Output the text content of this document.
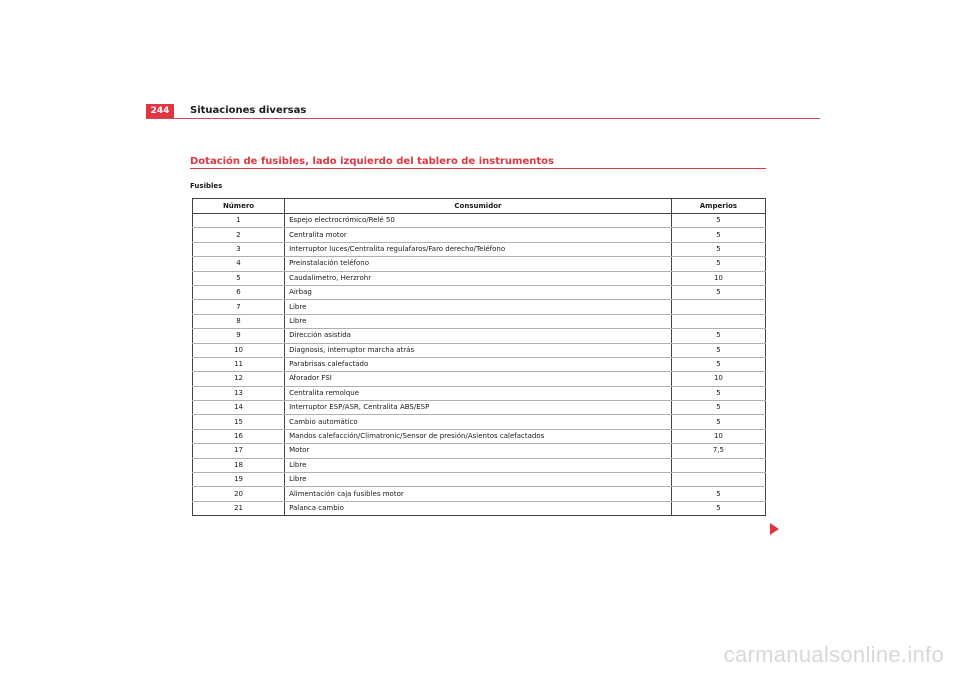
244	Situaciones diversas
Dotación de fusibles, lado izquierdo del tablero de instrumentos
Fusibles
Número	Consumidor	Amperios
1	Espejo electrocrómico/Relé 50	5
2	Centralita motor	5
3	Interruptor luces/Centralita regulafaros/Faro derecho/Teléfono	5
4	Preinstalación teléfono	5
5	Caudalímetro, Herzrohr	10
6	Airbag	5
7	Libre	
8	Libre	
9	Dirección asistida	5
10	Diagnosis, interruptor marcha atrás	5
11	Parabrisas calefactado	5
12	Aforador FSI	10
13	Centralita remolque	5
14	Interruptor ESP/ASR, Centralita ABS/ESP	5
15	Cambio automático	5
16	Mandos calefacción/Climatronic/Sensor de presión/Asientos calefactados	10
17	Motor	7,5
18	Libre	
19	Libre	
20	Alimentación caja fusibles motor	5
21	Palanca cambio	5
carmanualsonline.info
